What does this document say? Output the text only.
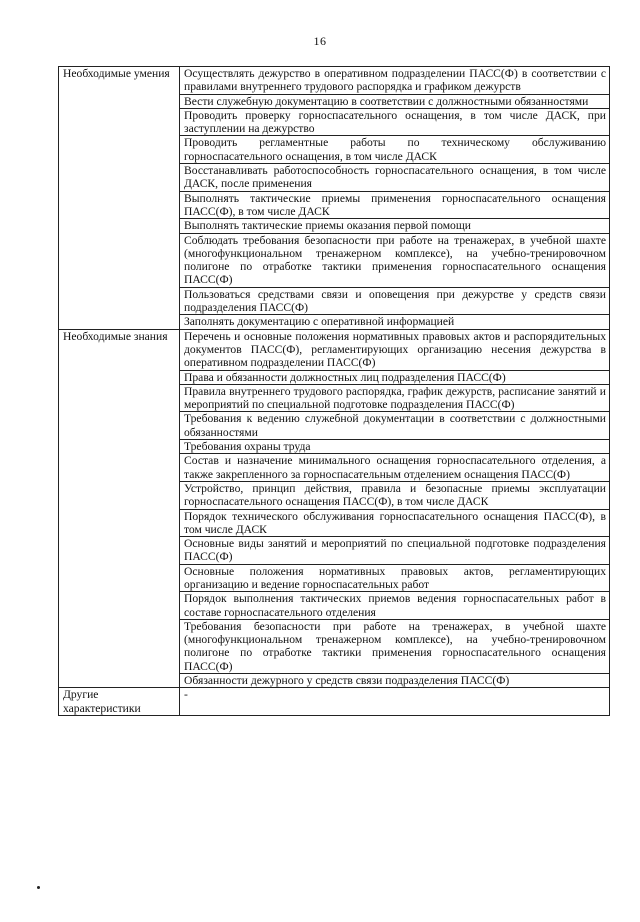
16
Необходимые умения	Осуществлять дежурство в оперативном подразделении ПАСС(Ф) в соответствии с правилами внутреннего трудового распорядка и графиком дежурств
	Вести служебную документацию в соответствии с должностными обязанностями
	Проводить проверку горноспасательного оснащения, в том числе ДАСК, при заступлении на дежурство
	Проводить регламентные работы по техническому обслуживанию горноспасательного оснащения, в том числе ДАСК
	Восстанавливать работоспособность горноспасательного оснащения, в том числе ДАСК, после применения
	Выполнять тактические приемы применения горноспасательного оснащения ПАСС(Ф), в том числе ДАСК
	Выполнять тактические приемы оказания первой помощи
	Соблюдать требования безопасности при работе на тренажерах, в учебной шахте (многофункциональном тренажерном комплексе), на учебно-тренировочном полигоне по отработке тактики применения горноспасательного оснащения ПАСС(Ф)
	Пользоваться средствами связи и оповещения при дежурстве у средств связи подразделения ПАСС(Ф)
	Заполнять документацию с оперативной информацией
Необходимые знания	Перечень и основные положения нормативных правовых актов и распорядительных документов ПАСС(Ф), регламентирующих организацию несения дежурства в оперативном подразделении ПАСС(Ф)
	Права и обязанности должностных лиц подразделения ПАСС(Ф)
	Правила внутреннего трудового распорядка, график дежурств, расписание занятий и мероприятий по специальной подготовке подразделения ПАСС(Ф)
	Требования к ведению служебной документации в соответствии с должностными обязанностями
	Требования охраны труда
	Состав и назначение минимального оснащения горноспасательного отделения, а также закрепленного за горноспасательным отделением оснащения ПАСС(Ф)
	Устройство, принцип действия, правила и безопасные приемы эксплуатации горноспасательного оснащения ПАСС(Ф), в том числе ДАСК
	Порядок технического обслуживания горноспасательного оснащения ПАСС(Ф), в том числе ДАСК
	Основные виды занятий и мероприятий по специальной подготовке подразделения ПАСС(Ф)
	Основные положения нормативных правовых актов, регламентирующих организацию и ведение горноспасательных работ
	Порядок выполнения тактических приемов ведения горноспасательных работ в составе горноспасательного отделения
	Требования безопасности при работе на тренажерах, в учебной шахте (многофункциональном тренажерном комплексе), на учебно-тренировочном полигоне по отработке тактики применения горноспасательного оснащения ПАСС(Ф)
	Обязанности дежурного у средств связи подразделения ПАСС(Ф)
Другие характеристики	-
